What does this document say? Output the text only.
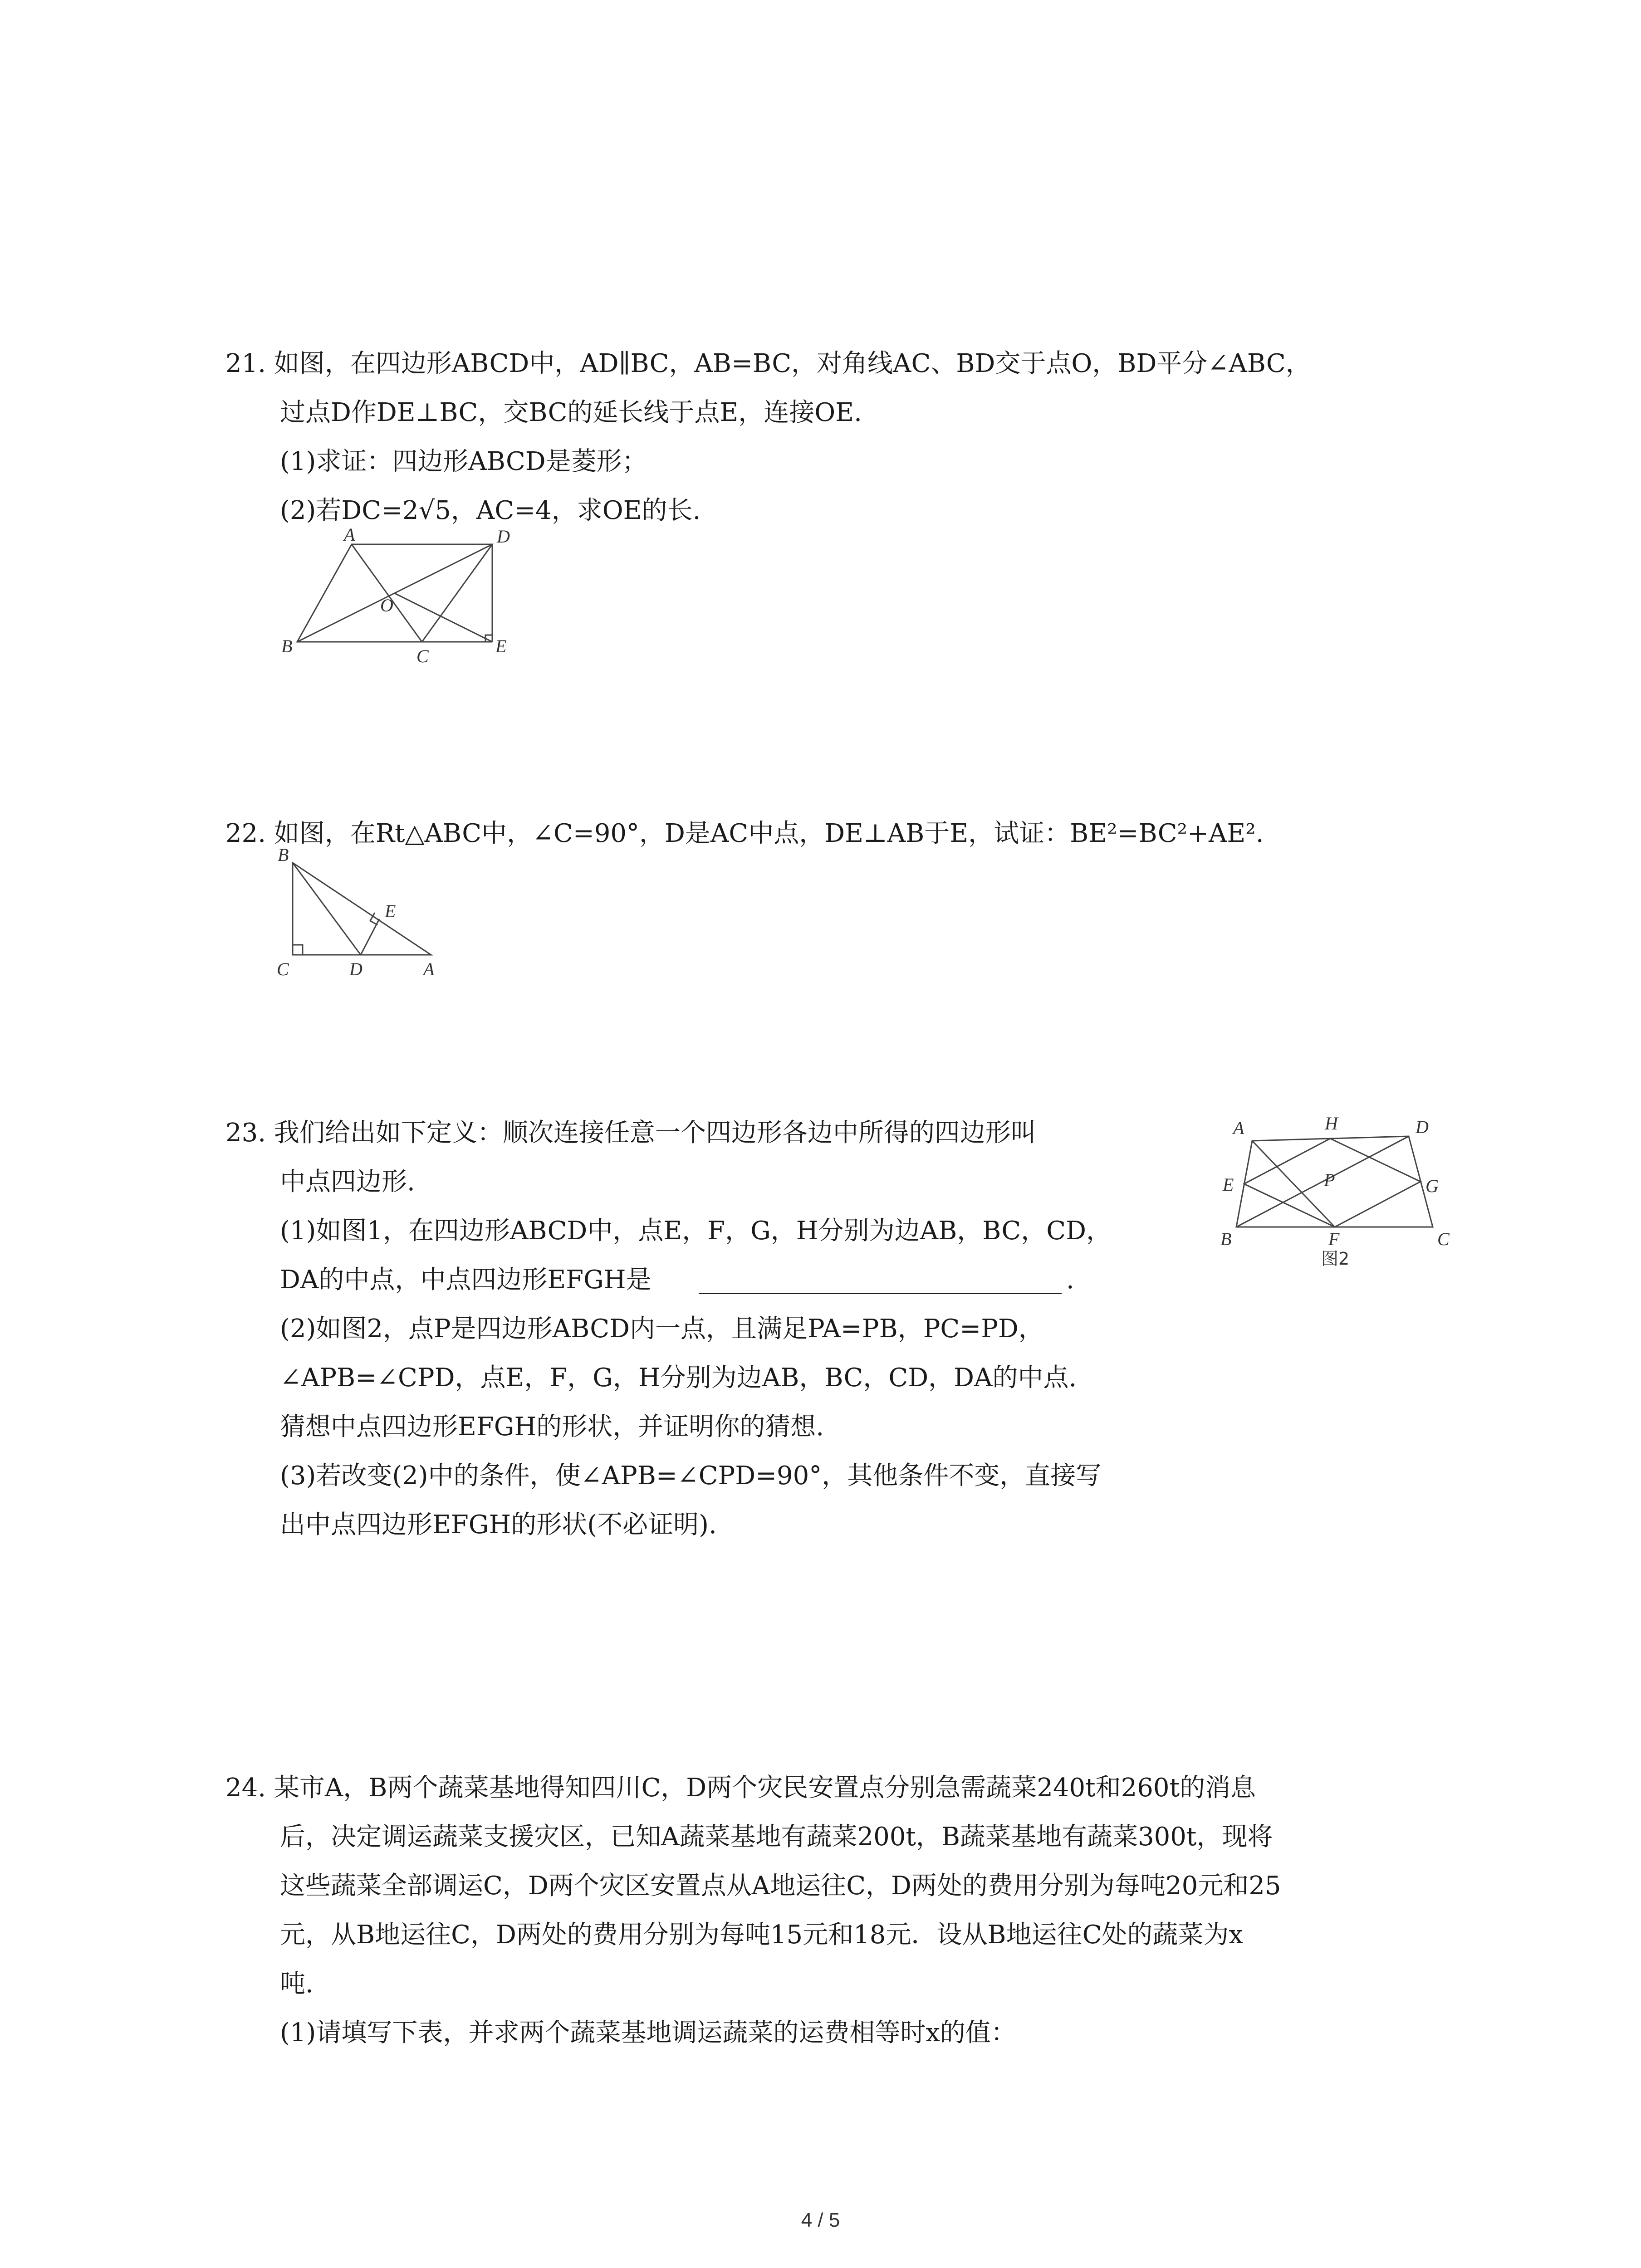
21. 如图，在四边形ABCD中，AD∥BC，AB=BC，对角线AC、BD交于点O，BD平分∠ABC，
过点D作DE⊥BC，交BC的延长线于点E，连接OE.
(1)求证：四边形ABCD是菱形；
(2)若DC=2√5，AC=4，求OE的长.
A	D
O
B	C	E
22. 如图，在Rt△ABC中，∠C=90°，D是AC中点，DE⊥AB于E，试证：BE²=BC²+AE².
B
E
C	D	A
23. 我们给出如下定义：顺次连接任意一个四边形各边中所得的四边形叫
中点四边形.
(1)如图1，在四边形ABCD中，点E，F，G，H分别为边AB，BC，CD，
DA的中点，中点四边形EFGH是	.
(2)如图2，点P是四边形ABCD内一点，且满足PA=PB，PC=PD，
∠APB=∠CPD，点E，F，G，H分别为边AB，BC，CD，DA的中点.
猜想中点四边形EFGH的形状，并证明你的猜想.
(3)若改变(2)中的条件，使∠APB=∠CPD=90°，其他条件不变，直接写
出中点四边形EFGH的形状(不必证明).
A	H	D
E	P	G
B	F	C
图2
24. 某市A，B两个蔬菜基地得知四川C，D两个灾民安置点分别急需蔬菜240t和260t的消息
后，决定调运蔬菜支援灾区，已知A蔬菜基地有蔬菜200t，B蔬菜基地有蔬菜300t，现将
这些蔬菜全部调运C，D两个灾区安置点从A地运往C，D两处的费用分别为每吨20元和25
元，从B地运往C，D两处的费用分别为每吨15元和18元．设从B地运往C处的蔬菜为x
吨.
(1)请填写下表，并求两个蔬菜基地调运蔬菜的运费相等时x的值：
4 / 5
